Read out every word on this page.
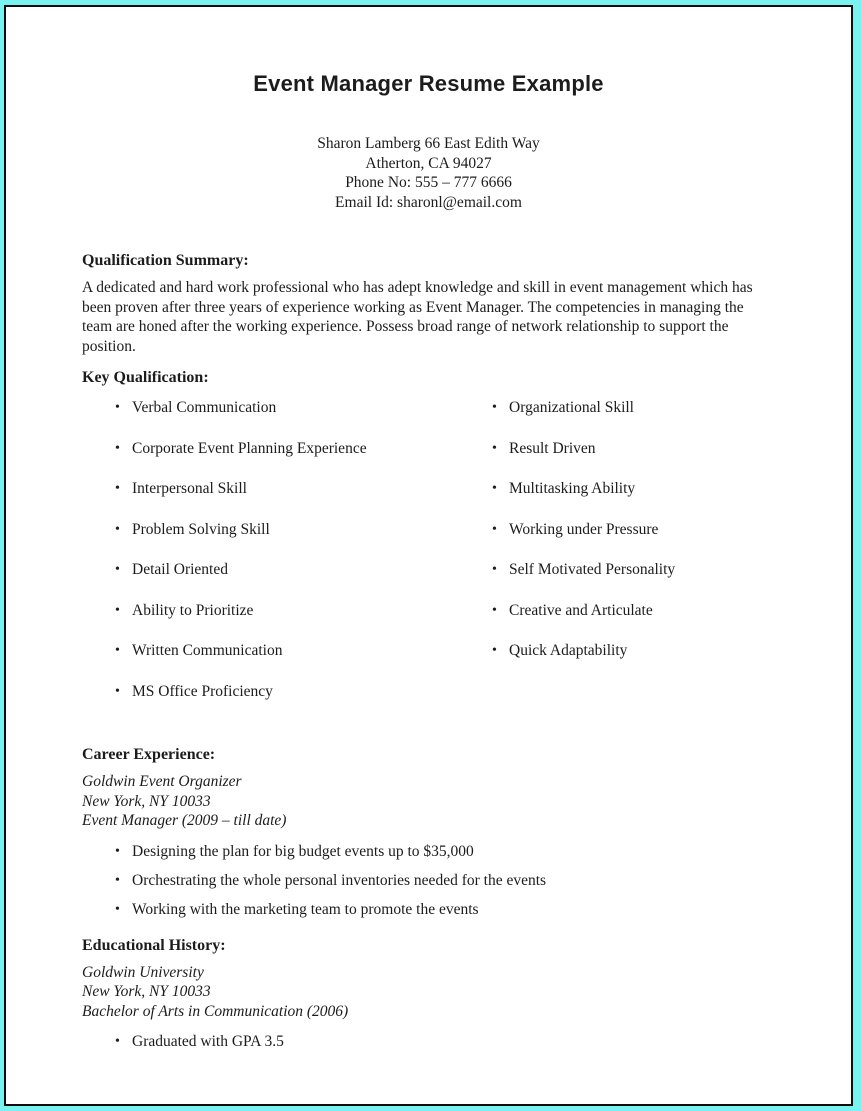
Event Manager Resume Example
Sharon Lamberg 66 East Edith Way
Atherton, CA 94027
Phone No: 555 – 777 6666
Email Id: sharonl@email.com
Qualification Summary:

A dedicated and hard work professional who has adept knowledge and skill in event management which has been proven after three years of experience working as Event Manager. The competencies in managing the team are honed after the working experience. Possess broad range of network relationship to support the position.

Key Qualification:
• Verbal Communication
• Corporate Event Planning Experience
• Interpersonal Skill
• Problem Solving Skill
• Detail Oriented
• Ability to Prioritize
• Written Communication
• MS Office Proficiency
• Organizational Skill
• Result Driven
• Multitasking Ability
• Working under Pressure
• Self Motivated Personality
• Creative and Articulate
• Quick Adaptability
Career Experience:
Goldwin Event Organizer
New York, NY 10033
Event Manager (2009 – till date)
• Designing the plan for big budget events up to $35,000
• Orchestrating the whole personal inventories needed for the events
• Working with the marketing team to promote the events
Educational History:
Goldwin University
New York, NY 10033
Bachelor of Arts in Communication (2006)
• Graduated with GPA 3.5
